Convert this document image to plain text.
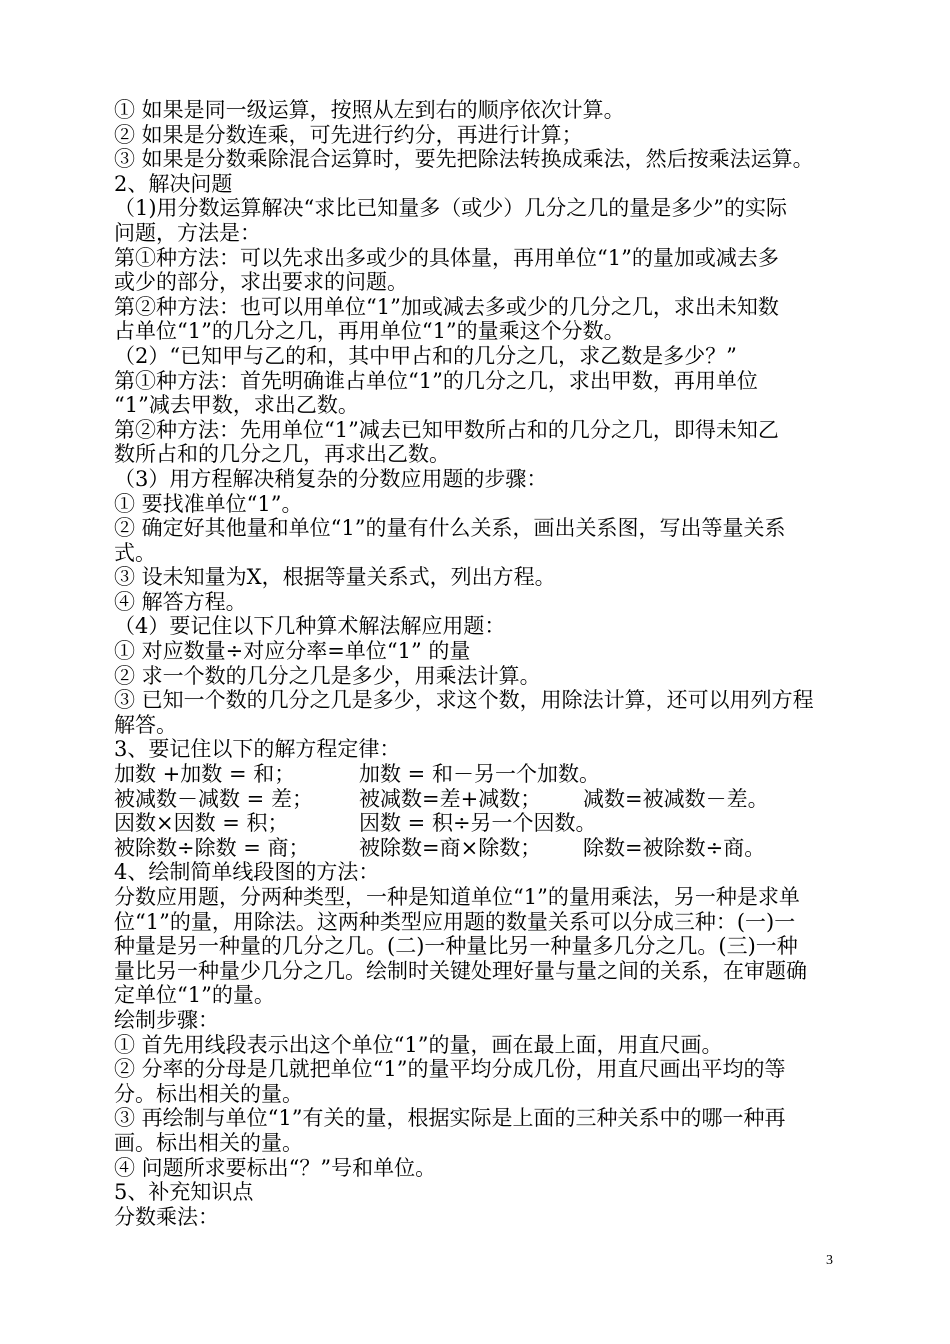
① 如果是同一级运算，按照从左到右的顺序依次计算。
② 如果是分数连乘，可先进行约分，再进行计算；
③ 如果是分数乘除混合运算时，要先把除法转换成乘法，然后按乘法运算。
2、解决问题
（1)用分数运算解决“求比已知量多（或少）几分之几的量是多少”的实际
问题，方法是：
第①种方法：可以先求出多或少的具体量，再用单位“1”的量加或减去多
或少的部分，求出要求的问题。
第②种方法：也可以用单位“1”加或减去多或少的几分之几，求出未知数
占单位“1”的几分之几，再用单位“1”的量乘这个分数。
（2）“已知甲与乙的和，其中甲占和的几分之几，求乙数是多少？”
第①种方法：首先明确谁占单位“1”的几分之几，求出甲数，再用单位
“1”减去甲数，求出乙数。
第②种方法：先用单位“1”减去已知甲数所占和的几分之几，即得未知乙
数所占和的几分之几，再求出乙数。
（3）用方程解决稍复杂的分数应用题的步骤：
① 要找准单位“1”。
② 确定好其他量和单位“1”的量有什么关系，画出关系图，写出等量关系
式。
③ 设未知量为X，根据等量关系式，列出方程。
④ 解答方程。
（4）要记住以下几种算术解法解应用题：
① 对应数量÷对应分率=单位“1” 的量
② 求一个数的几分之几是多少，用乘法计算。
③ 已知一个数的几分之几是多少，求这个数，用除法计算，还可以用列方程
解答。
3、要记住以下的解方程定律：
加数 +加数 = 和；	加数 = 和－另一个加数。
被减数－减数 = 差；	被减数=差+减数；	减数=被减数－差。
因数×因数 = 积；	因数 = 积÷另一个因数。
被除数÷除数 = 商；	被除数=商×除数；	除数=被除数÷商。
4、绘制简单线段图的方法：
分数应用题，分两种类型，一种是知道单位“1”的量用乘法，另一种是求单
位“1”的量，用除法。这两种类型应用题的数量关系可以分成三种：(一)一
种量是另一种量的几分之几。(二)一种量比另一种量多几分之几。(三)一种
量比另一种量少几分之几。绘制时关键处理好量与量之间的关系，在审题确
定单位“1”的量。
绘制步骤：
① 首先用线段表示出这个单位“1”的量，画在最上面，用直尺画。
② 分率的分母是几就把单位“1”的量平均分成几份，用直尺画出平均的等
分。标出相关的量。
③ 再绘制与单位“1”有关的量，根据实际是上面的三种关系中的哪一种再
画。标出相关的量。
④ 问题所求要标出“？”号和单位。
5、补充知识点
分数乘法：
3
